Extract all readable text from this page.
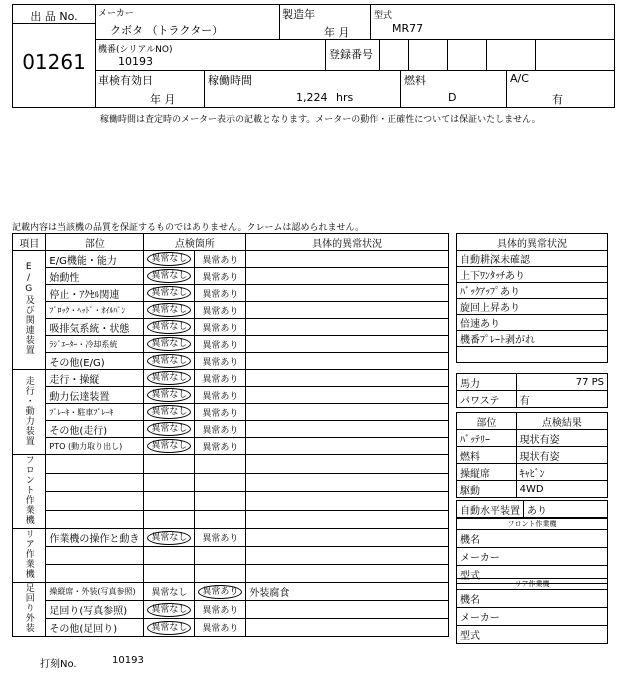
出 品 No.
01261
メーカー
クボタ （トラクター）
製造年
年 月
型式
MR77
機番(シリアルNO)
10193
登録番号
車検有効日
年 月
稼働時間
1,224 hrs
燃料
D
A/C
有
稼働時間は査定時のメーター表示の記載となります。メーターの動作・正確性については保証いたしません。
記載内容は当該機の品質を保証するものではありません。クレームは認められません。
項目	部位	点検箇所		具体的異常状況
E/G及び関連装置	E/G機能・能力	異常なし	異常あり	
	始動性	異常なし	異常あり	
	停止・ｱｸｾﾙ関連	異常なし	異常あり	
	ﾌﾞﾛｯｸ・ﾍｯﾄﾞ・ｵｲﾙﾊﾟﾝ	異常なし	異常あり	
	吸排気系統・状態	異常なし	異常あり	
	ﾗｼﾞｴｰﾀｰ・冷却系統	異常なし	異常あり	
	その他(E/G)	異常なし	異常あり	
走行・動力装置	走行・操縦	異常なし	異常あり	
	動力伝達装置	異常なし	異常あり	
	ﾌﾞﾚｰｷ・駐車ﾌﾞﾚｰｷ	異常なし	異常あり	
	その他(走行)	異常なし	異常あり	
	PTO (動力取り出し)	異常なし	異常あり	
フロント作業機				

リア作業機	作業機の操作と動き	異常なし	異常あり	

足回り外装	操縦席・外装(写真参照)	異常なし	異常あり	外装腐食
	足回り(写真参照)	異常なし	異常あり	
	その他(足回り)	異常なし	異常あり	
具体的異常状況
自動耕深未確認
上下ﾜﾝﾀｯﾁあり
ﾊﾞｯｸｱｯﾌﾟあり
旋回上昇あり
倍速あり
機番ﾌﾟﾚｰﾄ剥がれ

馬力	77 PS
パワステ	有
部位	点検結果
ﾊﾞｯﾃﾘｰ	現状有姿
燃料	現状有姿
操縦席	ｷｬﾋﾞﾝ
駆動	4WD
自動水平装置	あり
フロント作業機
機名
メーカー
型式
リア作業機
機名
メーカー
型式
打刻No.	10193
